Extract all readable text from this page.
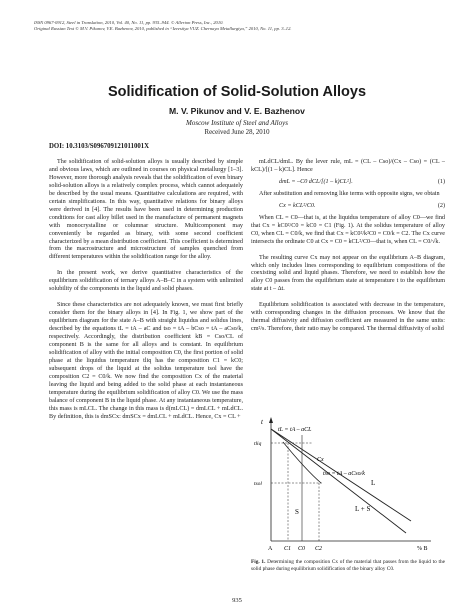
ISSN 0967-0912, Steel in Translation, 2010, Vol. 40, No. 11, pp. 935–944. © Allerton Press, Inc., 2010.
Original Russian Text © M.V. Pikunov, V.E. Bazhenov, 2010, published in “Izvestiya VUZ. Chernaya Metallurgiya,” 2010, No. 11, pp. 3–12.
Solidification of Solid-Solution Alloys
M. V. Pikunov and V. E. Bazhenov
Moscow Institute of Steel and Alloys
Received June 28, 2010
DOI: 10.3103/S096709121011001X

The solidification of solid-solution alloys is usually described by simple and obvious laws, which are outlined in courses on physical metallurgy [1–3]. However, more thorough analysis reveals that the solidification of even binary solid-solution alloys is a relatively complex process, which cannot adequately be described by the usual means. Quantitative calculations are required, with certain simplifications. In this way, quantitative relations for binary alloys were derived in [4]. The results have been used in determining production conditions for cast alloy billet used in the manufacture of permanent magnets with monocrystalline or columnar structure. Multicomponent may conveniently be regarded as binary, with some second coefficient characterized by a mean distribution coefficient. This coefficient is determined from the macrostructure and microstructure of samples quenched from different temperatures within the solidification range for the alloy.

In the present work, we derive quantitative characteristics of the equilibrium solidification of ternary alloys A–B–C in a system with unlimited solubility of the components in the liquid and solid phases.

Since these characteristics are not adequately known, we must first briefly consider them for the binary alloys in [4]. In Fig. 1, we show part of the equilibrium diagram for the state A–B with straight liquidus and solidus lines, described by the equations tL = tA – aC and tso = tA – bCso = tA – aCso/k, respectively. Accordingly, the distribution coefficient kB = Cso/CL of component B is the same for all alloys and is constant. In equilibrium solidification of alloy with the initial composition C0, the first portion of solid phase at the liquidus temperature tliq has the composition C1 = kC0; subsequent drops of the liquid at the solidus temperature tsol have the composition C2 = C0/k. We now find the composition Cx of the material leaving the liquid and being added to the solid phase at each instantaneous temperature during the equilibrium solidification of alloy C0. We use the mass balance of component B in the liquid phase. At any instantaneous temperature, this mass is mLCL. The change in this mass is d(mLCL) = dmLCL + mLdCL. By definition, this is dmSCx: dmSCx = dmLCL + mLdCL. Hence, Cx = CL +

mLdCL/dmL. By the lever rule, mL = (CL – Cso)/(Cx – Cso) = (CL – kCL)/[(1 – k)CL]. Hence

dmL = –C0 dCL/[(1 – k)CL²].	(1)

After substitution and removing like terms with opposite signs, we obtain

Cx = kCL²/C0.	(2)

When CL = C0—that is, at the liquidus temperature of alloy C0—we find that Cx = kC0²/C0 = kC0 = C1 (Fig. 1). At the solidus temperature of alloy C0, when CL = C0/k, we find that Cx = kC0²/k²C0 = C0/k = C2. The Cx curve intersects the ordinate C0 at Cx = C0 = kCL²/C0—that is, when CL = C0/√k.

The resulting curve Cx may not appear on the equilibrium A–B diagram, which only includes lines corresponding to equilibrium compositions of the coexisting solid and liquid phases. Therefore, we need to establish how the alloy C0 passes from the equilibrium state at temperature t to the equilibrium state at t – Δt.

Equilibrium solidification is associated with decrease in the temperature, with corresponding changes in the diffusion processes. We know that the thermal diffusivity and diffusion coefficient are measured in the same units: cm²/s. Therefore, their ratio may be compared. The thermal diffusivity of solid

t
tL = tA – aCL
tliq
tsol
Cx
tso = tA – aCso/k
L
L + S
S
A C1 C0 C2	% B
Fig. 1. Determining the composition Cx of the material that passes from the liquid to the solid phase during equilibrium solidification of the binary alloy C0.
935
